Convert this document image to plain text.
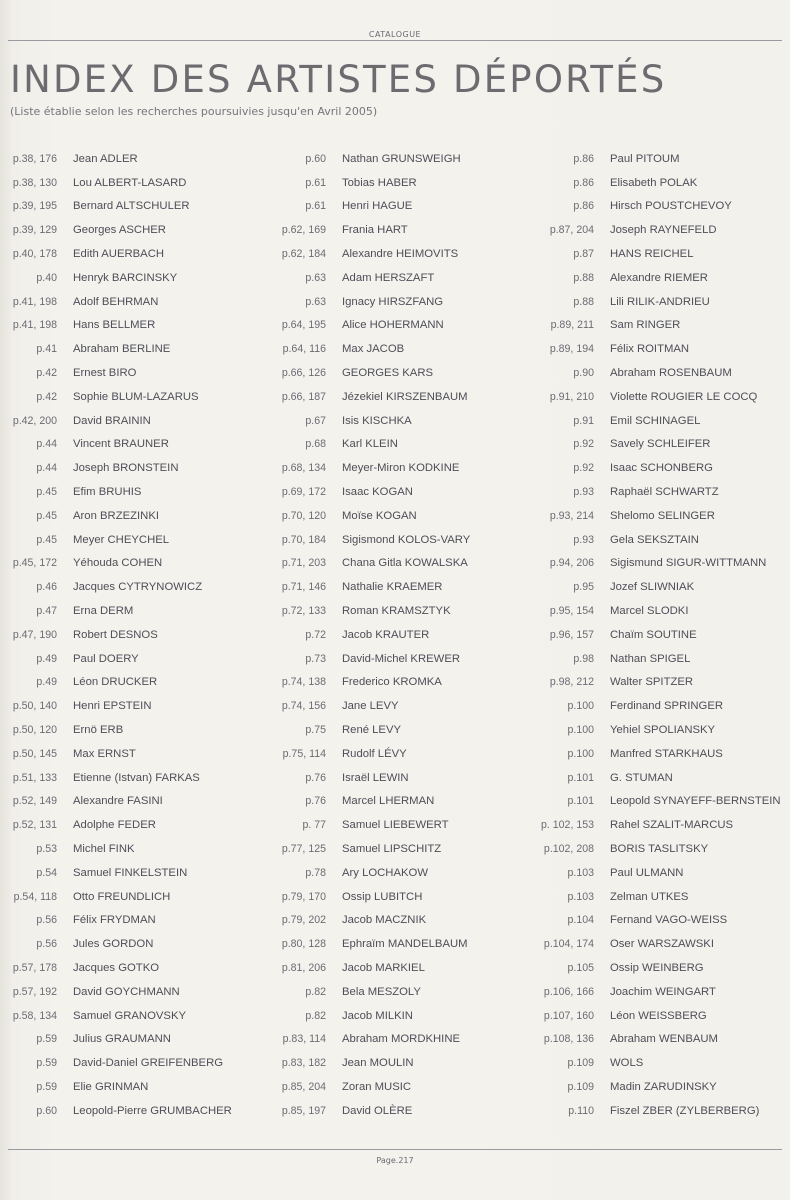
CATALOGUE
INDEX DES ARTISTES DÉPORTÉS
(Liste établie selon les recherches poursuivies jusqu'en Avril 2005)
p.38, 176	Jean ADLER
p.38, 130	Lou ALBERT-LASARD
p.39, 195	Bernard ALTSCHULER
p.39, 129	Georges ASCHER
p.40, 178	Edith AUERBACH
p.40	Henryk BARCINSKY
p.41, 198	Adolf BEHRMAN
p.41, 198	Hans BELLMER
p.41	Abraham BERLINE
p.42	Ernest BIRO
p.42	Sophie BLUM-LAZARUS
p.42, 200	David BRAININ
p.44	Vincent BRAUNER
p.44	Joseph BRONSTEIN
p.45	Efim BRUHIS
p.45	Aron BRZEZINKI
p.45	Meyer CHEYCHEL
p.45, 172	Yéhouda COHEN
p.46	Jacques CYTRYNOWICZ
p.47	Erna DERM
p.47, 190	Robert DESNOS
p.49	Paul DOERY
p.49	Léon DRUCKER
p.50, 140	Henri EPSTEIN
p.50, 120	Ernö ERB
p.50, 145	Max ERNST
p.51, 133	Etienne (Istvan) FARKAS
p.52, 149	Alexandre FASINI
p.52, 131	Adolphe FEDER
p.53	Michel FINK
p.54	Samuel FINKELSTEIN
p.54, 118	Otto FREUNDLICH
p.56	Félix FRYDMAN
p.56	Jules GORDON
p.57, 178	Jacques GOTKO
p.57, 192	David GOYCHMANN
p.58, 134	Samuel GRANOVSKY
p.59	Julius GRAUMANN
p.59	David-Daniel GREIFENBERG
p.59	Elie GRINMAN
p.60	Leopold-Pierre GRUMBACHER
p.60	Nathan GRUNSWEIGH
p.61	Tobias HABER
p.61	Henri HAGUE
p.62, 169	Frania HART
p.62, 184	Alexandre HEIMOVITS
p.63	Adam HERSZAFT
p.63	Ignacy HIRSZFANG
p.64, 195	Alice HOHERMANN
p.64, 116	Max JACOB
p.66, 126	GEORGES KARS
p.66, 187	Jézekiel KIRSZENBAUM
p.67	Isis KISCHKA
p.68	Karl KLEIN
p.68, 134	Meyer-Miron KODKINE
p.69, 172	Isaac KOGAN
p.70, 120	Moïse KOGAN
p.70, 184	Sigismond KOLOS-VARY
p.71, 203	Chana Gitla KOWALSKA
p.71, 146	Nathalie KRAEMER
p.72, 133	Roman KRAMSZTYK
p.72	Jacob KRAUTER
p.73	David-Michel KREWER
p.74, 138	Frederico KROMKA
p.74, 156	Jane LEVY
p.75	René LEVY
p.75, 114	Rudolf LÉVY
p.76	Israël LEWIN
p.76	Marcel LHERMAN
p. 77	Samuel LIEBEWERT
p.77, 125	Samuel LIPSCHITZ
p.78	Ary LOCHAKOW
p.79, 170	Ossip LUBITCH
p.79, 202	Jacob MACZNIK
p.80, 128	Ephraïm MANDELBAUM
p.81, 206	Jacob MARKIEL
p.82	Bela MESZOLY
p.82	Jacob MILKIN
p.83, 114	Abraham MORDKHINE
p.83, 182	Jean MOULIN
p.85, 204	Zoran MUSIC
p.85, 197	David OLÈRE
p.86	Paul PITOUM
p.86	Elisabeth POLAK
p.86	Hirsch POUSTCHEVOY
p.87, 204	Joseph RAYNEFELD
p.87	HANS REICHEL
p.88	Alexandre RIEMER
p.88	Lili RILIK-ANDRIEU
p.89, 211	Sam RINGER
p.89, 194	Félix ROITMAN
p.90	Abraham ROSENBAUM
p.91, 210	Violette ROUGIER LE COCQ
p.91	Emil SCHINAGEL
p.92	Savely SCHLEIFER
p.92	Isaac SCHONBERG
p.93	Raphaël SCHWARTZ
p.93, 214	Shelomo SELINGER
p.93	Gela SEKSZTAIN
p.94, 206	Sigismund SIGUR-WITTMANN
p.95	Jozef SLIWNIAK
p.95, 154	Marcel SLODKI
p.96, 157	Chaïm SOUTINE
p.98	Nathan SPIGEL
p.98, 212	Walter SPITZER
p.100	Ferdinand SPRINGER
p.100	Yehiel SPOLIANSKY
p.100	Manfred STARKHAUS
p.101	G. STUMAN
p.101	Leopold SYNAYEFF-BERNSTEIN
p. 102, 153	Rahel SZALIT-MARCUS
p.102, 208	BORIS TASLITSKY
p.103	Paul ULMANN
p.103	Zelman UTKES
p.104	Fernand VAGO-WEISS
p.104, 174	Oser WARSZAWSKI
p.105	Ossip WEINBERG
p.106, 166	Joachim WEINGART
p.107, 160	Léon WEISSBERG
p.108, 136	Abraham WENBAUM
p.109	WOLS
p.109	Madin ZARUDINSKY
p.110	Fiszel ZBER (ZYLBERBERG)
Page.217
